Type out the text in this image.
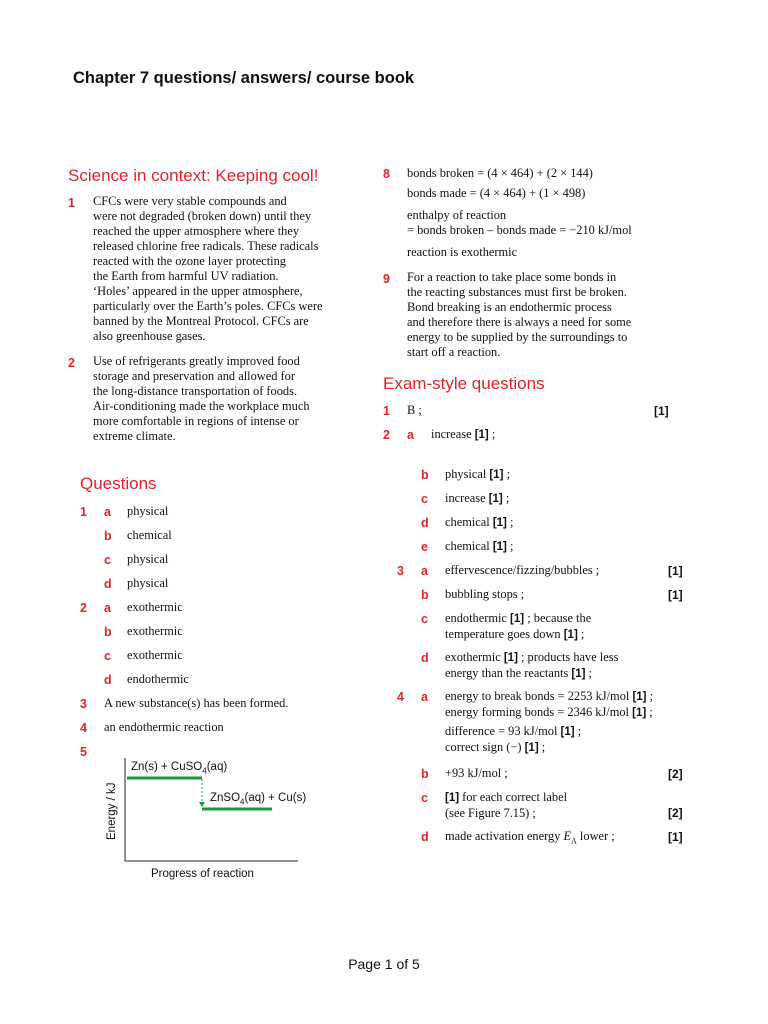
Chapter 7 questions/ answers/ course book
Science in context: Keeping cool!
1 CFCs were very stable compounds and
were not degraded (broken down) until they
reached the upper atmosphere where they
released chlorine free radicals. These radicals
reacted with the ozone layer protecting
the Earth from harmful UV radiation.
‘Holes’ appeared in the upper atmosphere,
particularly over the Earth’s poles. CFCs were
banned by the Montreal Protocol. CFCs are
also greenhouse gases.
2 Use of refrigerants greatly improved food
storage and preservation and allowed for
the long-distance transportation of foods.
Air-conditioning made the workplace much
more comfortable in regions of intense or
extreme climate.
Questions
1 a physical
b chemical
c physical
d physical
2 a exothermic
b exothermic
c exothermic
d endothermic
3 A new substance(s) has been formed.
4 an endothermic reaction
5
Energy / kJ
Zn(s) + CuSO$_4$(aq)
ZnSO$_4$(aq) + Cu(s)
Progress of reaction
8 bonds broken = (4 × 464) + (2 × 144)
bonds made = (4 × 464) + (1 × 498)
enthalpy of reaction
= bonds broken – bonds made = −210 kJ/mol
reaction is exothermic
9 For a reaction to take place some bonds in
the reacting substances must first be broken.
Bond breaking is an endothermic process
and therefore there is always a need for some
energy to be supplied by the surroundings to
start off a reaction.
Exam-style questions
1 B ;	[1]
2 a increase [1] ;
b physical [1] ;
c increase [1] ;
d chemical [1] ;
e chemical [1] ;
3 a effervescence/fizzing/bubbles ;	[1]
b bubbling stops ;	[1]
c endothermic [1] ; because the
temperature goes down [1] ;
d exothermic [1] ; products have less
energy than the reactants [1] ;
4 a energy to break bonds = 2253 kJ/mol [1] ;
energy forming bonds = 2346 kJ/mol [1] ;
difference = 93 kJ/mol [1] ;
correct sign (−) [1] ;
b +93 kJ/mol ;	[2]
c [1] for each correct label
(see Figure 7.15) ;	[2]
d made activation energy $E_A$ lower ;	[1]
Page 1 of 5
